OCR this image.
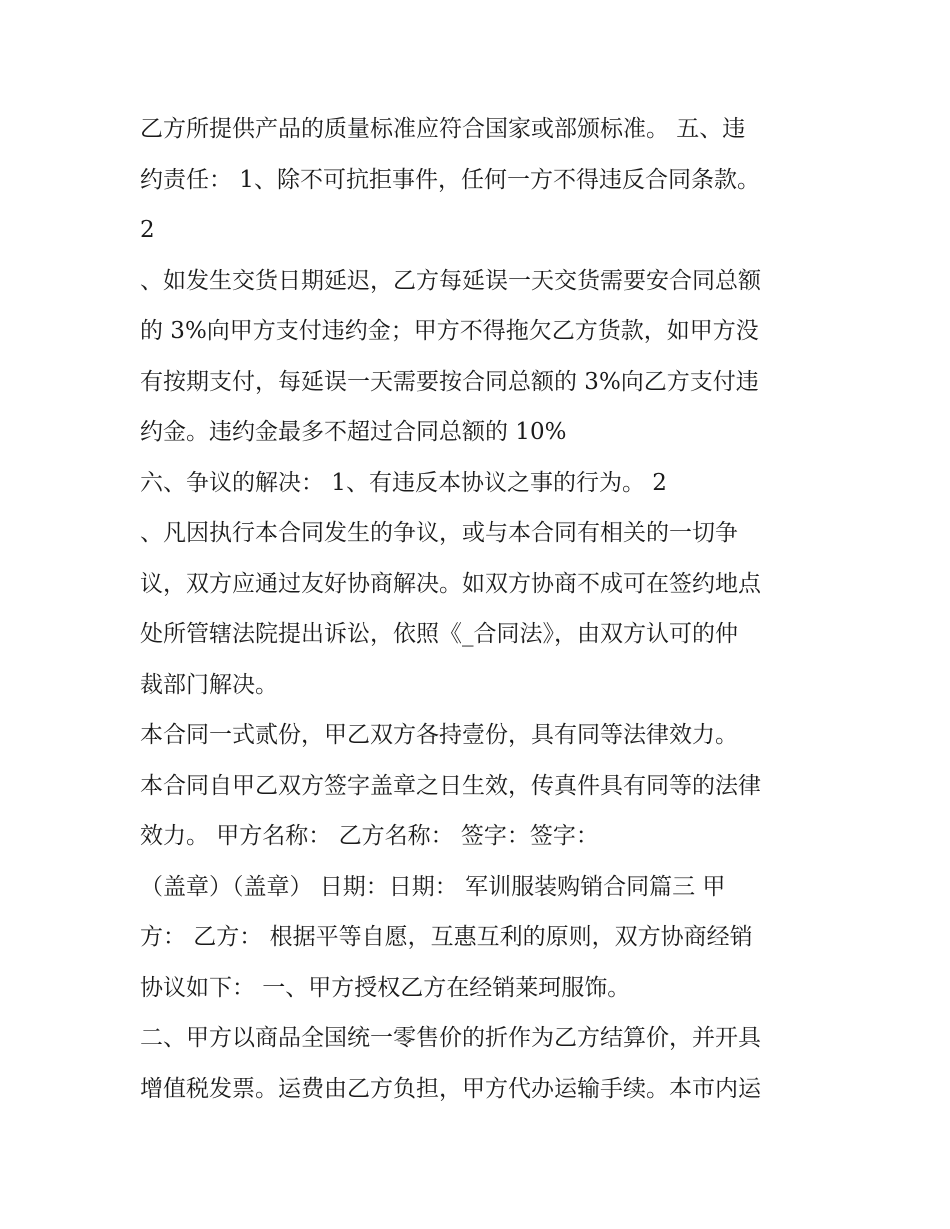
乙方所提供产品的质量标准应符合国家或部颁标准。 五、违
约责任： 1、除不可抗拒事件，任何一方不得违反合同条款。
2
、如发生交货日期延迟，乙方每延误一天交货需要安合同总额
的 3%向甲方支付违约金；甲方不得拖欠乙方货款，如甲方没
有按期支付，每延误一天需要按合同总额的 3%向乙方支付违
约金。违约金最多不超过合同总额的 10%
六、争议的解决： 1、有违反本协议之事的行为。 2
、凡因执行本合同发生的争议，或与本合同有相关的一切争
议，双方应通过友好协商解决。如双方协商不成可在签约地点
处所管辖法院提出诉讼，依照《_合同法》，由双方认可的仲
裁部门解决。
本合同一式贰份，甲乙双方各持壹份，具有同等法律效力。
本合同自甲乙双方签字盖章之日生效，传真件具有同等的法律
效力。 甲方名称： 乙方名称： 签字：签字：
（盖章）（盖章） 日期：日期： 军训服装购销合同篇三 甲
方： 乙方： 根据平等自愿，互惠互利的原则，双方协商经销
协议如下： 一、甲方授权乙方在经销莱珂服饰。
二、甲方以商品全国统一零售价的折作为乙方结算价，并开具
增值税发票。运费由乙方负担，甲方代办运输手续。本市内运
